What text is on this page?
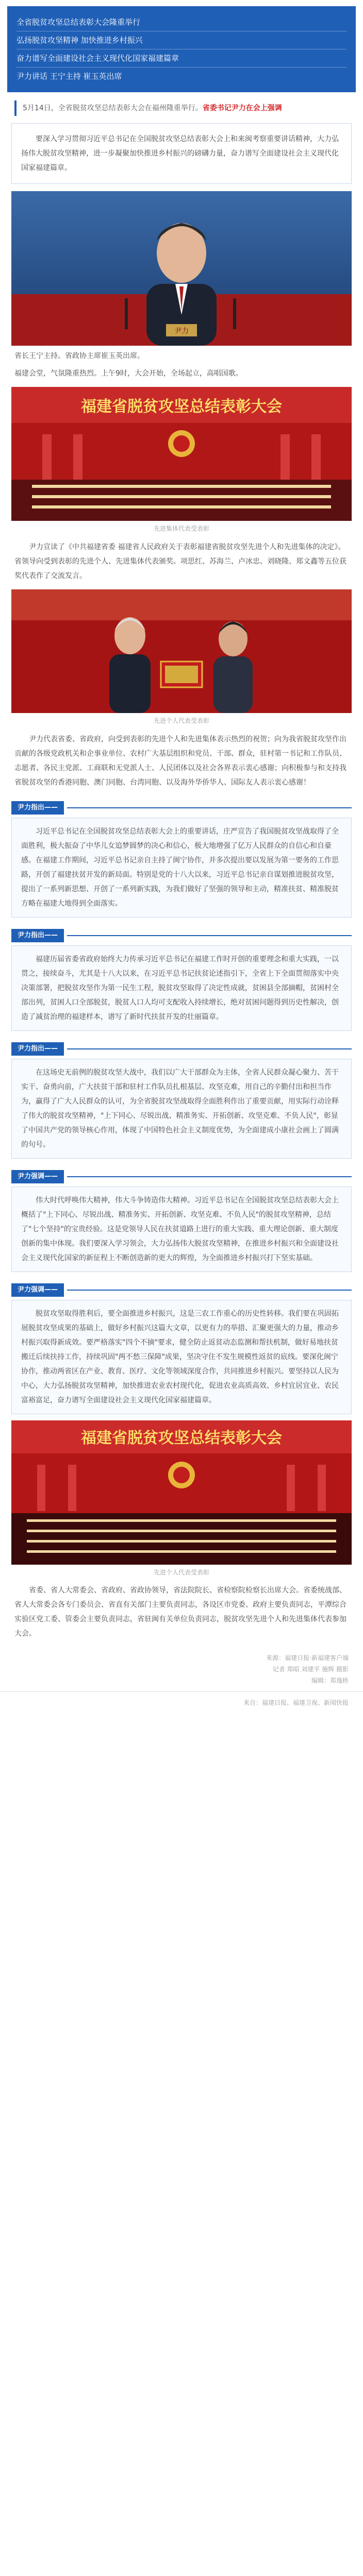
全省脱贫攻坚总结表彰大会隆重举行
弘扬脱贫攻坚精神 加快推进乡村振兴
奋力谱写全面建设社会主义现代化国家福建篇章
尹力讲话 王宁主持 崔玉英出席
5月14日，全省脱贫攻坚总结表彰大会在福州隆重举行。省委书记尹力在会上强调

要深入学习贯彻习近平总书记在全国脱贫攻坚总结表彰大会上和来闽考察重要讲话精神，大力弘扬伟大脱贫攻坚精神，进一步凝聚加快推进乡村振兴的磅礴力量，奋力谱写全面建设社会主义现代化国家福建篇章。

尹力
省长王宁主持。省政协主席崔玉英出席。
福建会堂，气氛隆重热烈。上午9时，大会开始，全场起立，高唱国歌。
福建省脱贫攻坚总结表彰大会
先进集体代表受表彰
尹力宣读了《中共福建省委 福建省人民政府关于表彰福建省脱贫攻坚先进个人和先进集体的决定》。省领导向受到表彰的先进个人、先进集体代表颁奖。项思红、苏海兰、卢冰忠、刘晓隆、郑文鑫等五位获奖代表作了交流发言。
先进个人代表受表彰
尹力代表省委、省政府，向受到表彰的先进个人和先进集体表示热烈的祝贺；向为我省脱贫攻坚作出贡献的各级党政机关和企事业单位、农村广大基层组织和党员、干部、群众，驻村第一书记和工作队员、志愿者、各民主党派、工商联和无党派人士、人民团体以及社会各界表示衷心感谢；向积极参与和支持我省脱贫攻坚的香港同胞、澳门同胞、台湾同胞、以及海外华侨华人、国际友人表示衷心感谢！
尹力指出——

习近平总书记在全国脱贫攻坚总结表彰大会上的重要讲话，庄严宣告了我国脱贫攻坚战取得了全面胜利，极大振奋了中华儿女追梦圆梦的决心和信心，极大地增强了亿万人民群众的自信心和自豪感。在福建工作期间，习近平总书记亲自主持了闽宁协作，并多次提出要以发展为第一要务的工作思路，开创了福建扶贫开发的新局面。特别是党的十八大以来，习近平总书记亲自谋划推进脱贫攻坚，提出了一系列新思想、开创了一系列新实践，为我们做好了坚强的领导和主动，精准扶贫、精准脱贫方略在福建大地得到全面落实。

尹力指出——

福建历届省委省政府始终大力传承习近平总书记在福建工作时开创的重要理念和重大实践，一以贯之，接续奋斗，尤其是十八大以来，在习近平总书记扶贫论述指引下，全省上下全面贯彻落实中央决策部署，把脱贫攻坚作为第一民生工程，脱贫攻坚取得了决定性成就，贫困县全部摘帽，贫困村全部出列，贫困人口全部脱贫，脱贫人口人均可支配收入持续增长，绝对贫困问题得到历史性解决，创造了减贫治理的福建样本，谱写了新时代扶贫开发的壮丽篇章。

尹力指出——

在这场史无前例的脱贫攻坚大战中，我们以广大干部群众为主体，全省人民群众凝心聚力、苦干实干、奋勇向前，广大扶贫干部和驻村工作队员扎根基层、攻坚克难，用自己的辛勤付出和担当作为，赢得了广大人民群众的认可，为全省脱贫攻坚战取得全面胜利作出了重要贡献，用实际行动诠释了伟大的脱贫攻坚精神，"上下同心、尽锐出战、精准务实、开拓创新、攻坚克难、不负人民"，彰显了中国共产党的领导核心作用，体现了中国特色社会主义制度优势，为全面建成小康社会画上了圆满的句号。

尹力强调——

伟大时代呼唤伟大精神，伟大斗争铸造伟大精神。习近平总书记在全国脱贫攻坚总结表彰大会上概括了"上下同心、尽锐出战、精准务实、开拓创新、攻坚克难、不负人民"的脱贫攻坚精神，总结了"七个坚持"的宝贵经验。这是党领导人民在扶贫道路上进行的重大实践、重大理论创新、重大制度创新的集中体现。我们要深入学习领会，大力弘扬伟大脱贫攻坚精神，在推进乡村振兴和全面建设社会主义现代化国家的新征程上不断创造新的更大的辉煌，为全面推进乡村振兴打下坚实基础。

尹力强调——

脱贫攻坚取得胜利后，要全面推进乡村振兴，这是三农工作重心的历史性转移。我们要在巩固拓展脱贫攻坚成果的基础上，做好乡村振兴这篇大文章，以更有力的举措、汇聚更强大的力量，推动乡村振兴取得新成效。要严格落实"四个不摘"要求，健全防止返贫动态监测和帮扶机制，做好易地扶贫搬迁后续扶持工作，持续巩固"两不愁三保障"成果，坚决守住不发生规模性返贫的底线。要深化闽宁协作，推动两省区在产业、教育、医疗、文化等领域深度合作，共同推进乡村振兴。要坚持以人民为中心，大力弘扬脱贫攻坚精神，加快推进农业农村现代化，促进农业高质高效、乡村宜居宜业、农民富裕富足，奋力谱写全面建设社会主义现代化国家福建篇章。

福建省脱贫攻坚总结表彰大会
先进个人代表受表彰
省委、省人大常委会、省政府、省政协领导，省法院院长、省检察院检察长出席大会。省委统战部、省人大常委会各专门委员会、省直有关部门主要负责同志，各设区市党委、政府主要负责同志，平潭综合实验区党工委、管委会主要负责同志，省驻闽有关单位负责同志，脱贫攻坚先进个人和先进集体代表参加大会。
来源：福建日报·新福建客户端
记者 郑昭 刘建平 施辉 摄影
编辑：郑逸桥
来自：福建日报、福建卫视、新闻快报
